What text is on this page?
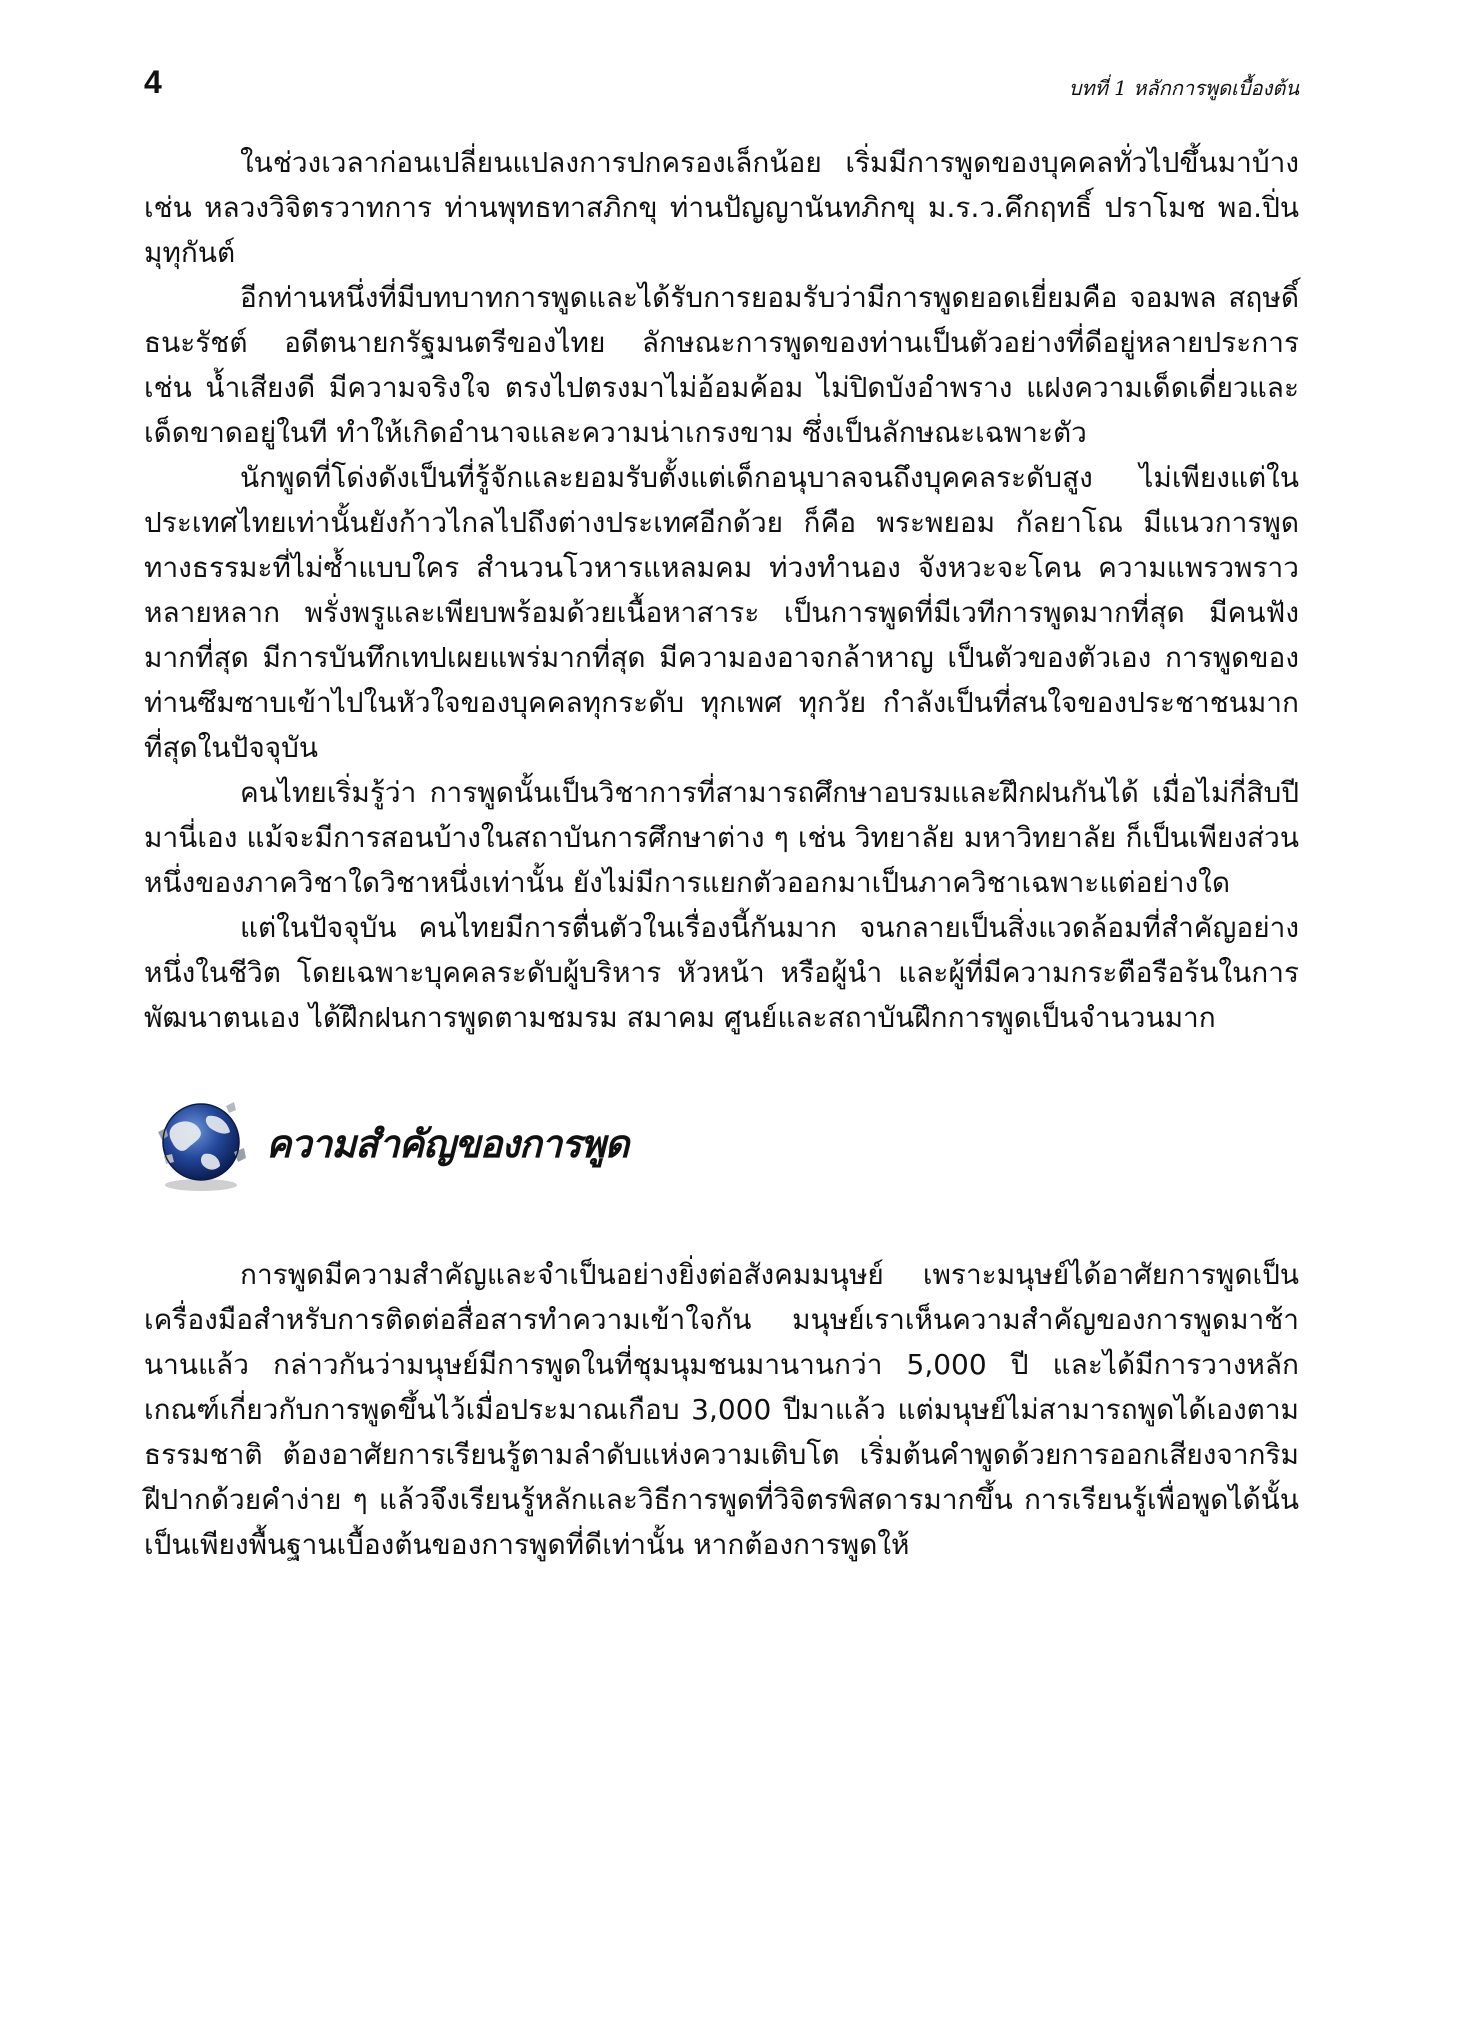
4	บทที่ 1 หลักการพูดเบื้องต้น

ในช่วงเวลาก่อนเปลี่ยนแปลงการปกครองเล็กน้อย เริ่มมีการพูดของบุคคลทั่วไปขึ้นมาบ้าง เช่น หลวงวิจิตรวาทการ ท่านพุทธทาสภิกขุ ท่านปัญญานันทภิกขุ ม.ร.ว.คึกฤทธิ์ ปราโมช พอ.ปิ่น มุทุกันต์

อีกท่านหนึ่งที่มีบทบาทการพูดและได้รับการยอมรับว่ามีการพูดยอดเยี่ยมคือ จอมพล สฤษดิ์ ธนะรัชต์ อดีตนายกรัฐมนตรีของไทย ลักษณะการพูดของท่านเป็นตัวอย่างที่ดีอยู่หลายประการ เช่น น้ำเสียงดี มีความจริงใจ ตรงไปตรงมาไม่อ้อมค้อม ไม่ปิดบังอำพราง แฝงความเด็ดเดี่ยวและเด็ดขาดอยู่ในที ทำให้เกิดอำนาจและความน่าเกรงขาม ซึ่งเป็นลักษณะเฉพาะตัว

นักพูดที่โด่งดังเป็นที่รู้จักและยอมรับตั้งแต่เด็กอนุบาลจนถึงบุคคลระดับสูง ไม่เพียงแต่ในประเทศไทยเท่านั้นยังก้าวไกลไปถึงต่างประเทศอีกด้วย ก็คือ พระพยอม กัลยาโณ มีแนวการพูดทางธรรมะที่ไม่ซ้ำแบบใคร สำนวนโวหารแหลมคม ท่วงทำนอง จังหวะจะโคน ความแพรวพราวหลายหลาก พรั่งพรูและเพียบพร้อมด้วยเนื้อหาสาระ เป็นการพูดที่มีเวทีการพูดมากที่สุด มีคนฟังมากที่สุด มีการบันทึกเทปเผยแพร่มากที่สุด มีความองอาจกล้าหาญ เป็นตัวของตัวเอง การพูดของท่านซึมซาบเข้าไปในหัวใจของบุคคลทุกระดับ ทุกเพศ ทุกวัย กำลังเป็นที่สนใจของประชาชนมากที่สุดในปัจจุบัน

คนไทยเริ่มรู้ว่า การพูดนั้นเป็นวิชาการที่สามารถศึกษาอบรมและฝึกฝนกันได้ เมื่อไม่กี่สิบปีมานี่เอง แม้จะมีการสอนบ้างในสถาบันการศึกษาต่าง ๆ เช่น วิทยาลัย มหาวิทยาลัย ก็เป็นเพียงส่วนหนึ่งของภาควิชาใดวิชาหนึ่งเท่านั้น ยังไม่มีการแยกตัวออกมาเป็นภาควิชาเฉพาะแต่อย่างใด

แต่ในปัจจุบัน คนไทยมีการตื่นตัวในเรื่องนี้กันมาก จนกลายเป็นสิ่งแวดล้อมที่สำคัญอย่างหนึ่งในชีวิต โดยเฉพาะบุคคลระดับผู้บริหาร หัวหน้า หรือผู้นำ และผู้ที่มีความกระตือรือร้นในการพัฒนาตนเอง ได้ฝึกฝนการพูดตามชมรม สมาคม ศูนย์และสถาบันฝึกการพูดเป็นจำนวนมาก

ความสำคัญของการพูด

การพูดมีความสำคัญและจำเป็นอย่างยิ่งต่อสังคมมนุษย์ เพราะมนุษย์ได้อาศัยการพูดเป็นเครื่องมือสำหรับการติดต่อสื่อสารทำความเข้าใจกัน มนุษย์เราเห็นความสำคัญของการพูดมาช้านานแล้ว กล่าวกันว่ามนุษย์มีการพูดในที่ชุมนุมชนมานานกว่า 5,000 ปี และได้มีการวางหลักเกณฑ์เกี่ยวกับการพูดขึ้นไว้เมื่อประมาณเกือบ 3,000 ปีมาแล้ว แต่มนุษย์ไม่สามารถพูดได้เองตามธรรมชาติ ต้องอาศัยการเรียนรู้ตามลำดับแห่งความเติบโต เริ่มต้นคำพูดด้วยการออกเสียงจากริมฝีปากด้วยคำง่าย ๆ แล้วจึงเรียนรู้หลักและวิธีการพูดที่วิจิตรพิสดารมากขึ้น การเรียนรู้เพื่อพูดได้นั้นเป็นเพียงพื้นฐานเบื้องต้นของการพูดที่ดีเท่านั้น หากต้องการพูดให้
